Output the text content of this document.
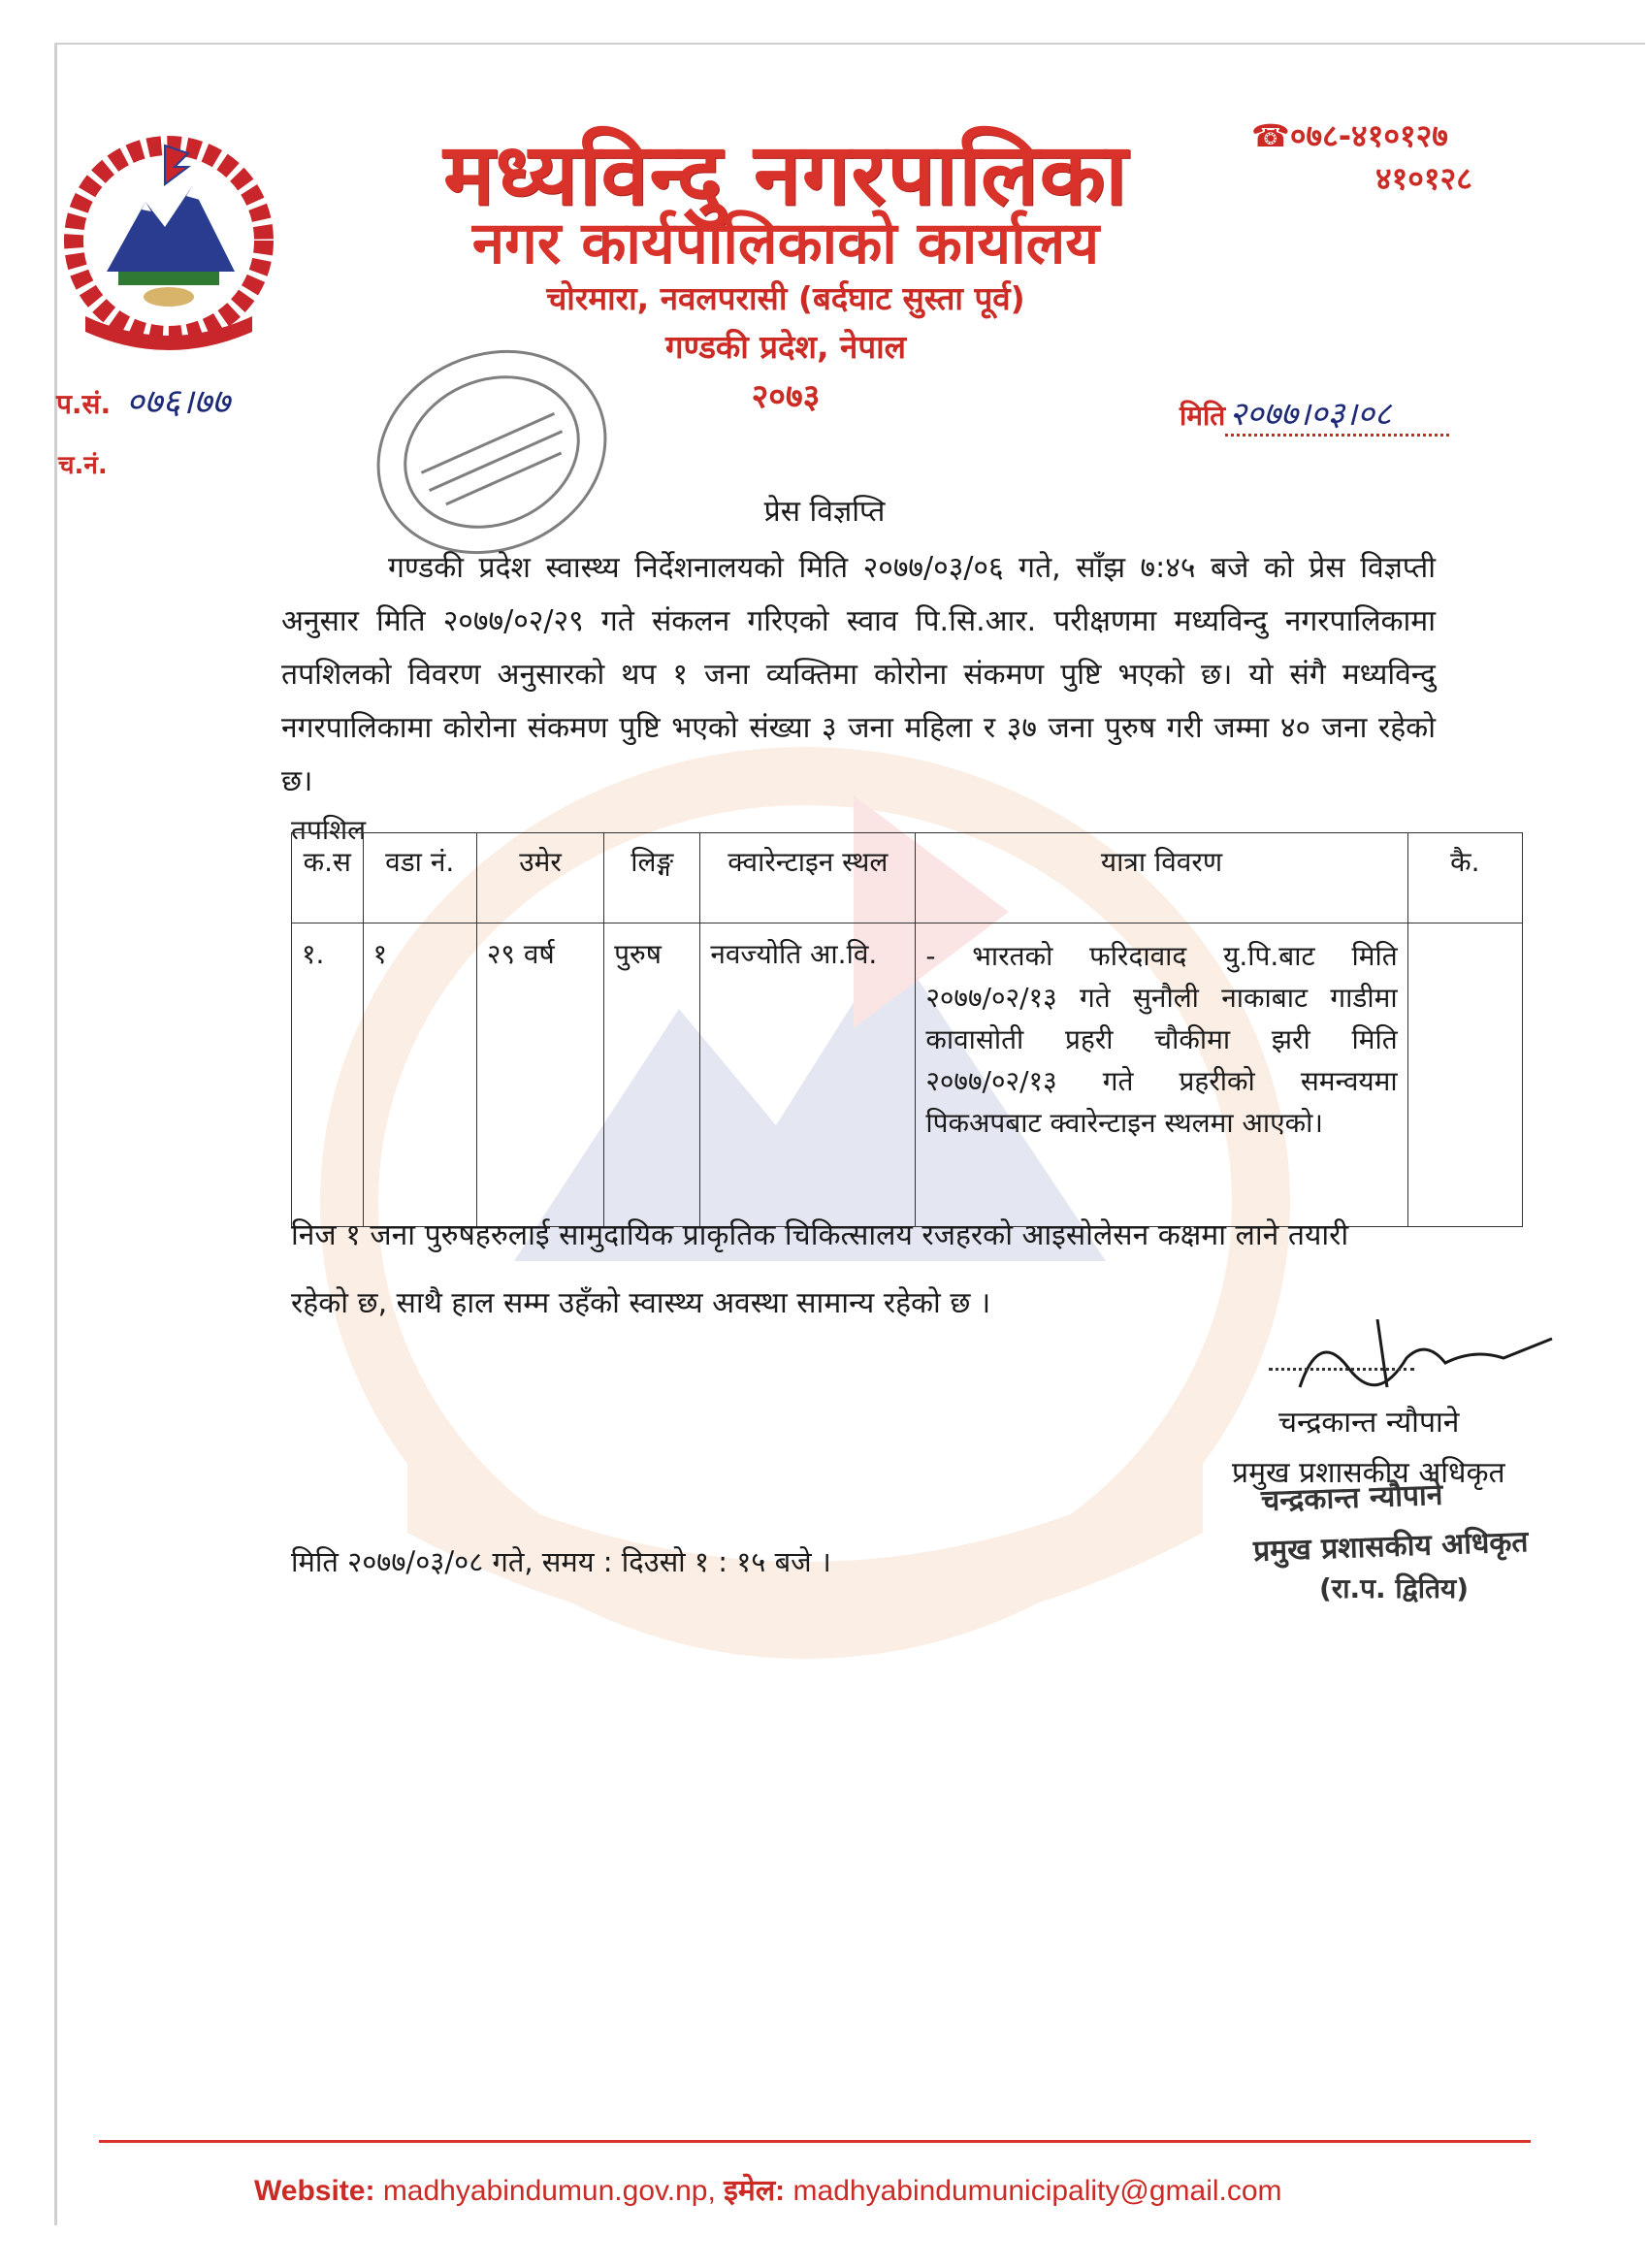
मध्यविन्दु नगरपालिका
नगर कार्यपालिकाको कार्यालय
चोरमारा, नवलपरासी (बर्दघाट सुस्ता पूर्व)
गण्डकी प्रदेश, नेपाल
२०७३
☎०७८-४१०१२७
४१०१२८
प.सं. ०७६।७७
च.नं.
मिति २०७७।०३।०८
प्रेस विज्ञप्ति
गण्डकी प्रदेश स्वास्थ्य निर्देशनालयको मिति २०७७/०३/०६ गते, साँझ ७:४५ बजे को प्रेस विज्ञप्ती अनुसार मिति २०७७/०२/२९ गते संकलन गरिएको स्वाव पि.सि.आर. परीक्षणमा मध्यविन्दु नगरपालिकामा तपशिलको विवरण अनुसारको थप १ जना व्यक्तिमा कोरोना संकमण पुष्टि भएको छ। यो संगै मध्यविन्दु नगरपालिकामा कोरोना संकमण पुष्टि भएको संख्या ३ जना महिला र ३७ जना पुरुष गरी जम्मा ४० जना रहेको छ।
तपशिल
क.स	वडा नं.	उमेर	लिङ्ग	क्वारेन्टाइन स्थल	यात्रा विवरण	कै.
१.	१	२९ वर्ष	पुरुष	नवज्योति आ.वि.	- भारतको फरिदावाद यु.पि.बाट मिति २०७७/०२/१३ गते सुनौली नाकाबाट गाडीमा कावासोती प्रहरी चौकीमा झरी मिति २०७७/०२/१३ गते प्रहरीको समन्वयमा पिकअपबाट क्वारेन्टाइन स्थलमा आएको।	
निज १ जना पुरुषहरुलाई सामुदायिक प्राकृतिक चिकित्सालय रजहरको आइसोलेसन कक्षमा लाने तयारी
रहेको छ, साथै हाल सम्म उहँको स्वास्थ्य अवस्था सामान्य रहेको छ ।
चन्द्रकान्त न्यौपाने
प्रमुख प्रशासकीय अधिकृत
चन्द्रकान्त न्यौपाने
प्रमुख प्रशासकीय अधिकृत
(रा.प. द्वितिय)
मिति २०७७/०३/०८ गते, समय : दिउसो १ : १५ बजे ।
Website: madhyabindumun.gov.np, इमेल: madhyabindumunicipality@gmail.com
